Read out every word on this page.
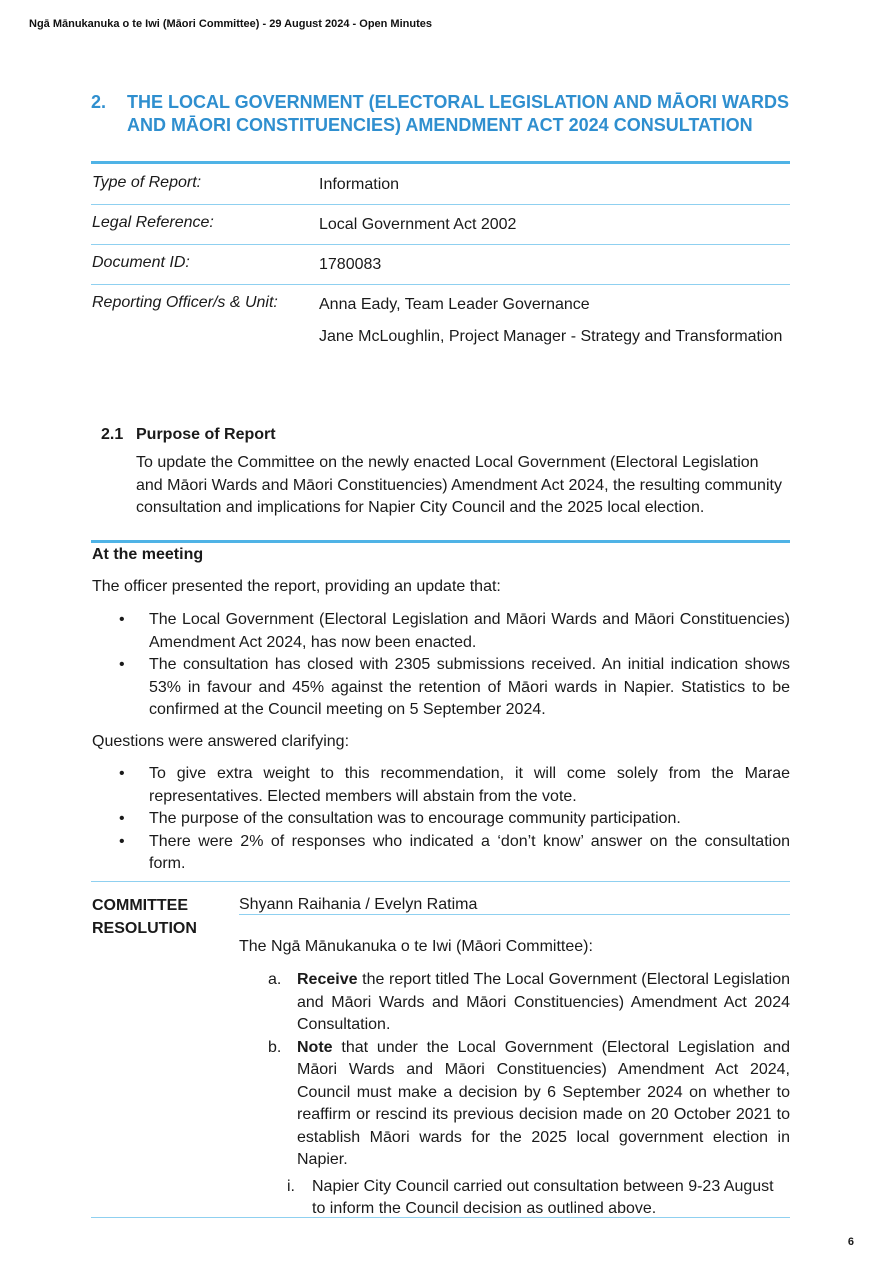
Ngā Mānukanuka o te Iwi (Māori Committee) - 29 August 2024 - Open Minutes
2.	THE LOCAL GOVERNMENT (ELECTORAL LEGISLATION AND MĀORI WARDS AND MĀORI CONSTITUENCIES) AMENDMENT ACT 2024 CONSULTATION
Type of Report:	Information
Legal Reference:	Local Government Act 2002
Document ID:	1780083
Reporting Officer/s & Unit:	Anna Eady, Team Leader Governance
Jane McLoughlin, Project Manager - Strategy and Transformation
2.1 Purpose of Report
To update the Committee on the newly enacted Local Government (Electoral Legislation and Māori Wards and Māori Constituencies) Amendment Act 2024, the resulting community consultation and implications for Napier City Council and the 2025 local election.
At the meeting
The officer presented the report, providing an update that:
• The Local Government (Electoral Legislation and Māori Wards and Māori Constituencies) Amendment Act 2024, has now been enacted.
• The consultation has closed with 2305 submissions received. An initial indication shows 53% in favour and 45% against the retention of Māori wards in Napier. Statistics to be confirmed at the Council meeting on 5 September 2024.
Questions were answered clarifying:
• To give extra weight to this recommendation, it will come solely from the Marae representatives. Elected members will abstain from the vote.
• The purpose of the consultation was to encourage community participation.
• There were 2% of responses who indicated a ‘don’t know’ answer on the consultation form.
COMMITTEE
RESOLUTION
Shyann Raihania / Evelyn Ratima
The Ngā Mānukanuka o te Iwi (Māori Committee):
a. Receive the report titled The Local Government (Electoral Legislation and Māori Wards and Māori Constituencies) Amendment Act 2024 Consultation.
b. Note that under the Local Government (Electoral Legislation and Māori Wards and Māori Constituencies) Amendment Act 2024, Council must make a decision by 6 September 2024 on whether to reaffirm or rescind its previous decision made on 20 October 2021 to establish Māori wards for the 2025 local government election in Napier.
i. Napier City Council carried out consultation between 9-23 August to inform the Council decision as outlined above.
6
